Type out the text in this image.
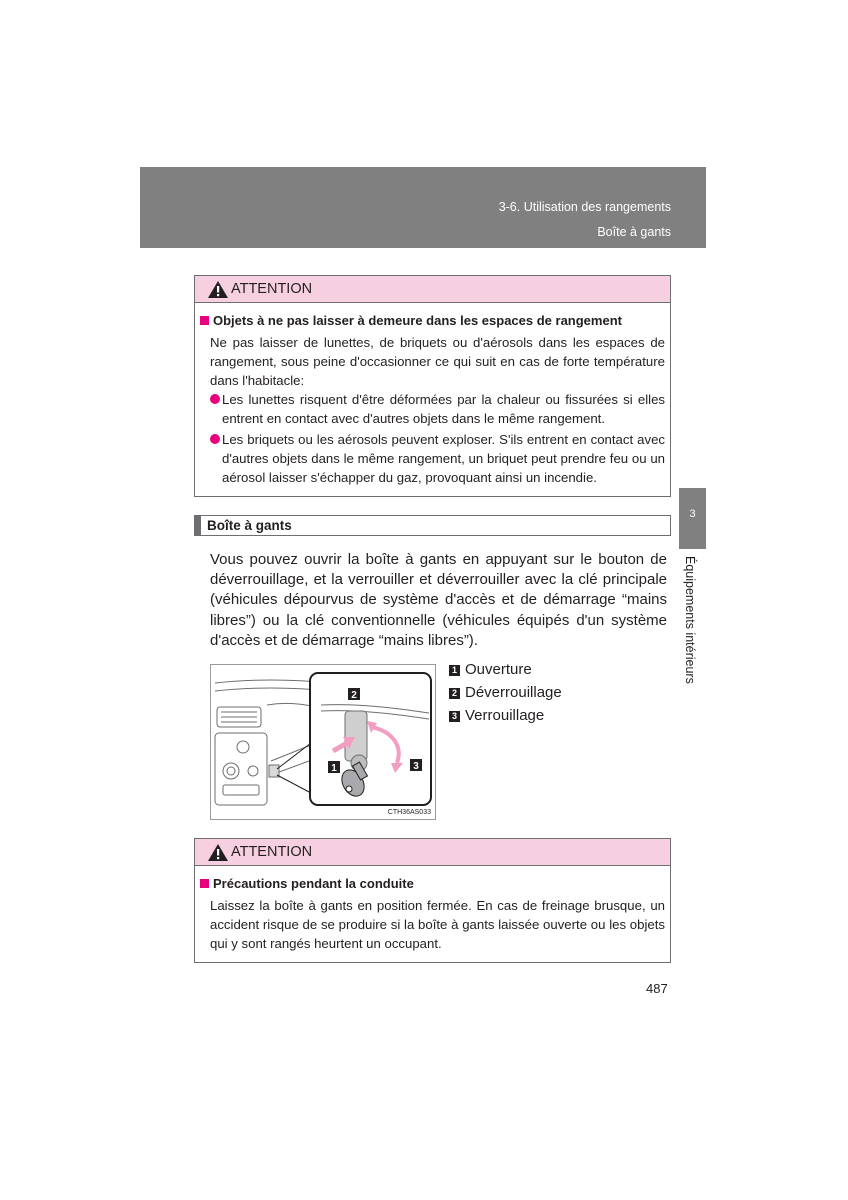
3-6. Utilisation des rangements
Boîte à gants
3
Équipements intérieurs
ATTENTION
Objets à ne pas laisser à demeure dans les espaces de rangement
Ne pas laisser de lunettes, de briquets ou d'aérosols dans les espaces de rangement, sous peine d'occasionner ce qui suit en cas de forte température dans l'habitacle:
Les lunettes risquent d'être déformées par la chaleur ou fissurées si elles entrent en contact avec d'autres objets dans le même rangement.
Les briquets ou les aérosols peuvent exploser. S'ils entrent en contact avec d'autres objets dans le même rangement, un briquet peut prendre feu ou un aérosol laisser s'échapper du gaz, provoquant ainsi un incendie.
Boîte à gants
Vous pouvez ouvrir la boîte à gants en appuyant sur le bouton de déverrouillage, et la verrouiller et déverrouiller avec la clé principale (véhicules dépourvus de système d'accès et de démarrage “mains libres”) ou la clé conventionnelle (véhicules équipés d'un système d'accès et de démarrage “mains libres”).
2
1	3
CTH36AS033
1 Ouverture
2 Déverrouillage
3 Verrouillage
ATTENTION
Précautions pendant la conduite
Laissez la boîte à gants en position fermée. En cas de freinage brusque, un accident risque de se produire si la boîte à gants laissée ouverte ou les objets qui y sont rangés heurtent un occupant.
487
